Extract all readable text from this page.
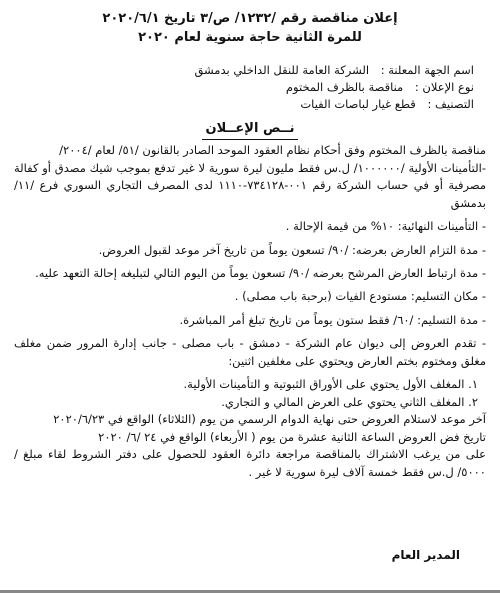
إعلان مناقصة رقم /١٢٣٢/ ص/٣ تاريخ ٢٠٢٠/٦/١

للمرة الثانية حاجة سنوية لعام ٢٠٢٠

اسم الجهة المعلنة : الشركة العامة للنقل الداخلي بدمشق

نوع الإعلان : مناقصة بالظرف المختوم

التصنيف : قطع غيار لباصات الفيات

نــص الإعــلان

مناقصة بالظرف المختوم وفق أحكام نظام العقود الموحد الصادر بالقانون /٥١/ لعام /٢٠٠٤/

-التأمينات الأولية /١٠٠٠٠٠٠/ ل.س فقط مليون ليرة سورية لا غير تدفع بموجب شيك مصدق أو كفالة مصرفية أو في حساب الشركة رقم ٠٠١-٧٣٤١٢٨-١١١٠ لدى المصرف التجاري السوري فرع /١١/ بدمشق

- التأمينات النهائية: ١٠% من قيمة الإحالة .

- مدة التزام العارض بعرضه: /٩٠/ تسعون يوماً من تاريخ آخر موعد لقبول العروض.

- مدة ارتباط العارض المرشح بعرضه /٩٠/ تسعون يوماً من اليوم التالي لتبليغه إحالة التعهد عليه.

- مكان التسليم: مستودع الفيات (برحبة باب مصلى) .

- مدة التسليم: /٦٠/ فقط ستون يوماً من تاريخ تبلغ أمر المباشرة.

- تقدم العروض إلى ديوان عام الشركة - دمشق - باب مصلى - جانب إدارة المرور ضمن مغلف مغلق ومختوم بختم العارض ويحتوي على مغلفين اثنين:

١. المغلف الأول يحتوي على الأوراق الثبوتية و التأمينات الأولية.

٢. المغلف الثاني يحتوي على العرض المالي و التجاري.

آخر موعد لاستلام العروض حتى نهاية الدوام الرسمي من يوم (الثلاثاء) الواقع في ٢٠٢٠/٦/٢٣

تاريخ فض العروض الساعة الثانية عشرة من يوم ( الأربعاء) الواقع في ٢٤ /٦/ ٢٠٢٠

على من يرغب الاشتراك بالمناقصة مراجعة دائرة العقود للحصول على دفتر الشروط لقاء مبلغ /٥٠٠٠/ ل.س فقط خمسة آلاف ليرة سورية لا غير .

المدير العام
